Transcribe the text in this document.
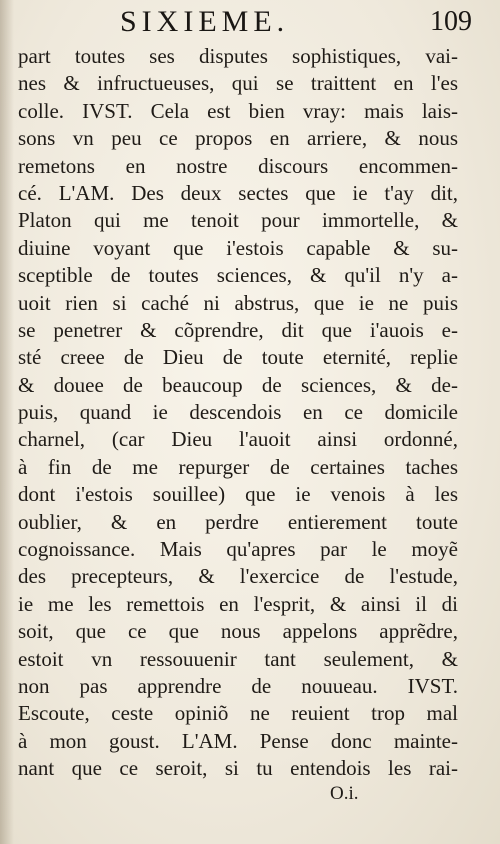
SIXIEME.	109
part toutes ses disputes sophistiques, vai-
nes & infructueuses, qui se traittent en l'es
colle. IVST. Cela est bien vray: mais lais-
sons vn peu ce propos en arriere, & nous
remetons en nostre discours encommen-
cé. L'AM. Des deux sectes que ie t'ay dit,
Platon qui me tenoit pour immortelle, &
diuine voyant que i'estois capable & su-
sceptible de toutes sciences, & qu'il n'y a-
uoit rien si caché ni abstrus, que ie ne puis
se penetrer & cõprendre, dit que i'auois e-
sté creee de Dieu de toute eternité, replie
& douee de beaucoup de sciences, & de-
puis, quand ie descendois en ce domicile
charnel, (car Dieu l'auoit ainsi ordonné,
à fin de me repurger de certaines taches
dont i'estois souillee) que ie venois à les
oublier, & en perdre entierement toute
cognoissance. Mais qu'apres par le moyẽ
des precepteurs, & l'exercice de l'estude,
ie me les remettois en l'esprit, & ainsi il di
soit, que ce que nous appelons apprẽdre,
estoit vn ressouuenir tant seulement, &
non pas apprendre de nouueau. IVST.
Escoute, ceste opiniõ ne reuient trop mal
à mon goust. L'AM. Pense donc mainte-
nant que ce seroit, si tu entendois les rai-
O.i.
